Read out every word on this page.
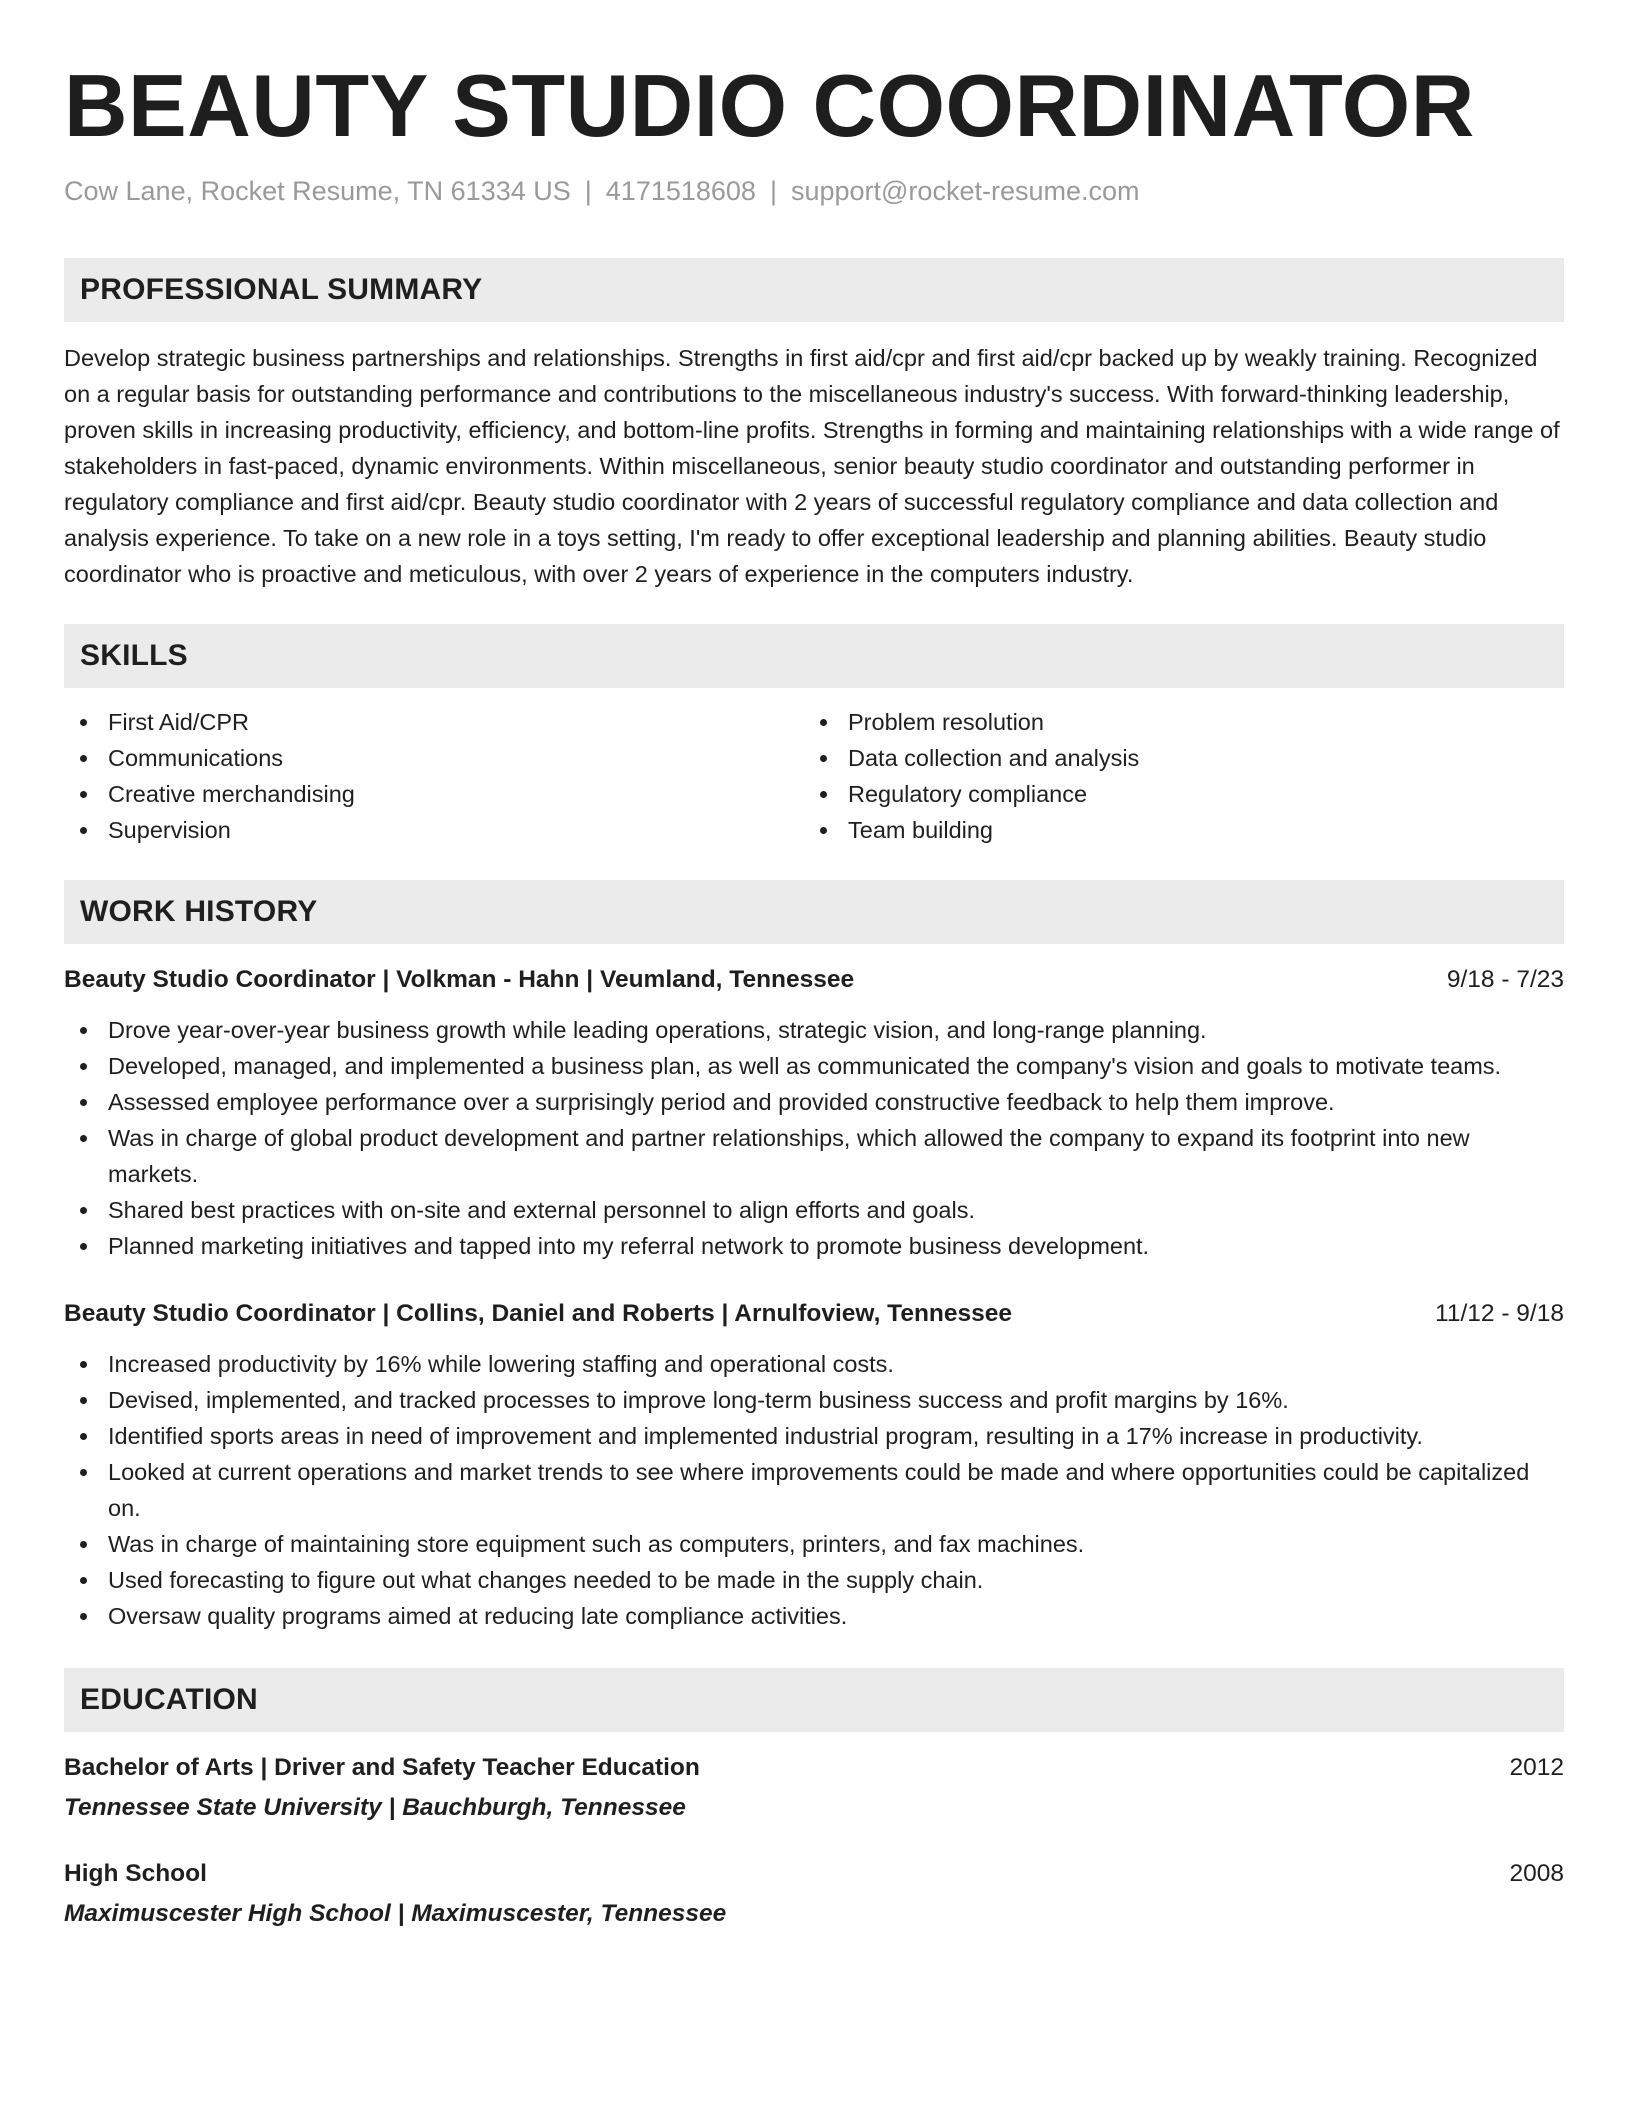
BEAUTY STUDIO COORDINATOR
Cow Lane, Rocket Resume, TN 61334 US | 4171518608 | support@rocket-resume.com
PROFESSIONAL SUMMARY
Develop strategic business partnerships and relationships. Strengths in first aid/cpr and first aid/cpr backed up by weakly training. Recognized on a regular basis for outstanding performance and contributions to the miscellaneous industry's success. With forward-thinking leadership, proven skills in increasing productivity, efficiency, and bottom-line profits. Strengths in forming and maintaining relationships with a wide range of stakeholders in fast-paced, dynamic environments. Within miscellaneous, senior beauty studio coordinator and outstanding performer in regulatory compliance and first aid/cpr. Beauty studio coordinator with 2 years of successful regulatory compliance and data collection and analysis experience. To take on a new role in a toys setting, I'm ready to offer exceptional leadership and planning abilities. Beauty studio coordinator who is proactive and meticulous, with over 2 years of experience in the computers industry.
SKILLS
First Aid/CPR
Communications
Creative merchandising
Supervision
Problem resolution
Data collection and analysis
Regulatory compliance
Team building
WORK HISTORY
Beauty Studio Coordinator | Volkman - Hahn | Veumland, Tennessee	9/18 - 7/23
Drove year-over-year business growth while leading operations, strategic vision, and long-range planning.
Developed, managed, and implemented a business plan, as well as communicated the company's vision and goals to motivate teams.
Assessed employee performance over a surprisingly period and provided constructive feedback to help them improve.
Was in charge of global product development and partner relationships, which allowed the company to expand its footprint into new markets.
Shared best practices with on-site and external personnel to align efforts and goals.
Planned marketing initiatives and tapped into my referral network to promote business development.
Beauty Studio Coordinator | Collins, Daniel and Roberts | Arnulfoview, Tennessee	11/12 - 9/18
Increased productivity by 16% while lowering staffing and operational costs.
Devised, implemented, and tracked processes to improve long-term business success and profit margins by 16%.
Identified sports areas in need of improvement and implemented industrial program, resulting in a 17% increase in productivity.
Looked at current operations and market trends to see where improvements could be made and where opportunities could be capitalized on.
Was in charge of maintaining store equipment such as computers, printers, and fax machines.
Used forecasting to figure out what changes needed to be made in the supply chain.
Oversaw quality programs aimed at reducing late compliance activities.
EDUCATION
Bachelor of Arts | Driver and Safety Teacher Education	2012
Tennessee State University | Bauchburgh, Tennessee
High School	2008
Maximuscester High School | Maximuscester, Tennessee
